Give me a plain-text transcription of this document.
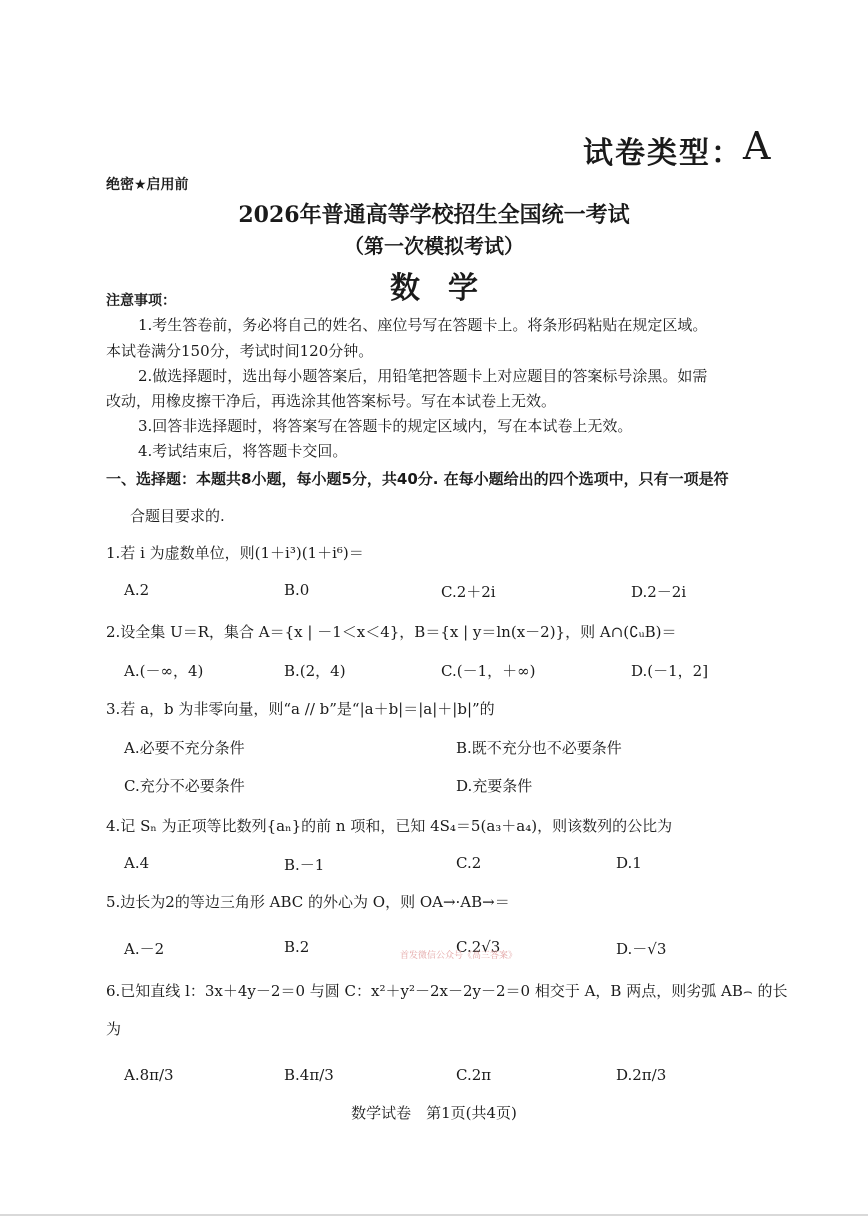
试卷类型：A
绝密★启用前
2026年普通高等学校招生全国统一考试
（第一次模拟考试）
数学
注意事项：
1.考生答卷前，务必将自己的姓名、座位号写在答题卡上。将条形码粘贴在规定区域。
本试卷满分150分，考试时间120分钟。
2.做选择题时，选出每小题答案后，用铅笔把答题卡上对应题目的答案标号涂黑。如需
改动，用橡皮擦干净后，再选涂其他答案标号。写在本试卷上无效。
3.回答非选择题时，将答案写在答题卡的规定区域内，写在本试卷上无效。
4.考试结束后，将答题卡交回。
一、选择题：本题共8小题，每小题5分，共40分. 在每小题给出的四个选项中，只有一项是符
合题目要求的.
1.若 i 为虚数单位，则(1＋i³)(1＋i⁶)＝
A.2	B.0	C.2＋2i	D.2－2i
2.设全集 U＝R，集合 A＝{x | －1＜x＜4}，B＝{x | y＝ln(x－2)}，则 A∩(∁ᵤB)＝
A.(－∞，4)	B.(2，4)	C.(－1，＋∞)	D.(－1，2]
3.若 a，b 为非零向量，则“a // b”是“|a＋b|＝|a|＋|b|”的
A.必要不充分条件	B.既不充分也不必要条件
C.充分不必要条件	D.充要条件
4.记 Sₙ 为正项等比数列{aₙ}的前 n 项和，已知 4S₄＝5(a₃＋a₄)，则该数列的公比为
A.4	B.－1	C.2	D.1
5.边长为2的等边三角形 ABC 的外心为 O，则 OA→·AB→＝
A.－2	B.2	C.2√3	D.－√3
首发微信公众号《高三答案》
6.已知直线 l：3x＋4y－2＝0 与圆 C：x²＋y²－2x－2y－2＝0 相交于 A，B 两点，则劣弧 AB⌢ 的长
为
A.8π/3	B.4π/3	C.2π	D.2π/3
数学试卷　第1页(共4页)
